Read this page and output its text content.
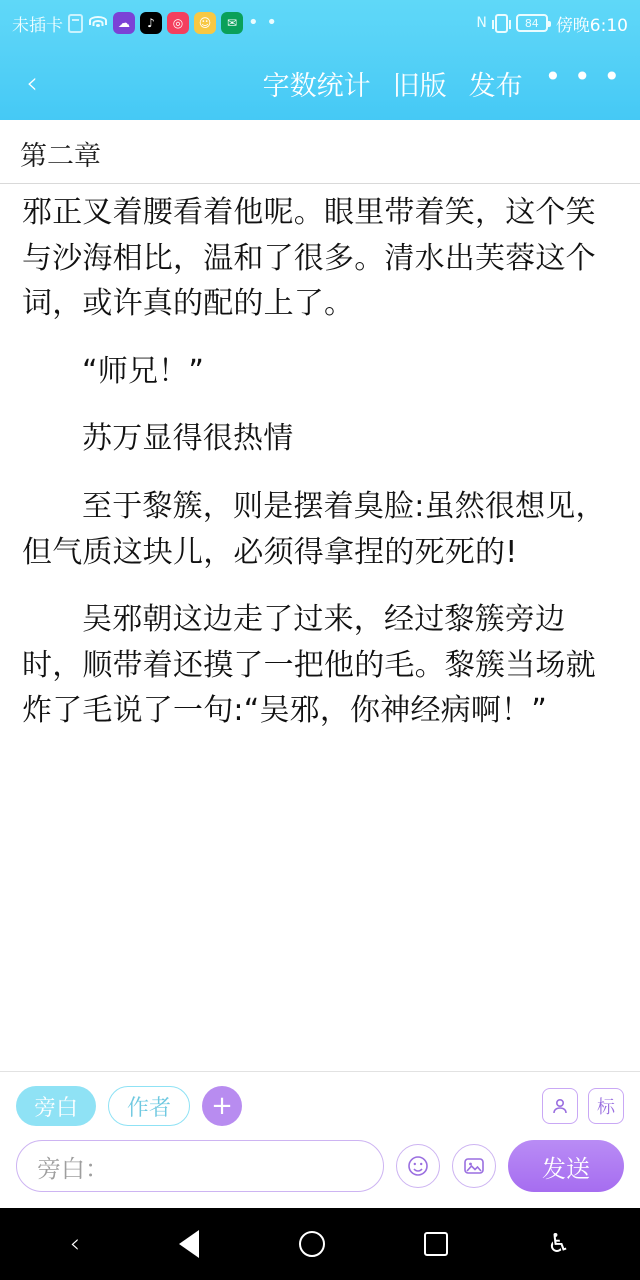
未插卡	☁	♪	◎	☺	✉ • •	N	84 傍晚6:10
‹	字数统计 旧版 发布 • • •
第二章

邪正叉着腰看着他呢。眼里带着笑，这个笑与沙海相比，温和了很多。清水出芙蓉这个词，或许真的配的上了。

“师兄！”

苏万显得很热情

至于黎簇，则是摆着臭脸:虽然很想见，但气质这块儿，必须得拿捏的死死的!

吴邪朝这边走了过来，经过黎簇旁边时，顺带着还摸了一把他的毛。黎簇当场就炸了毛说了一句:“吴邪，你神经病啊！”

旁白	作者	+	标
旁白：	发送
‹	♿
